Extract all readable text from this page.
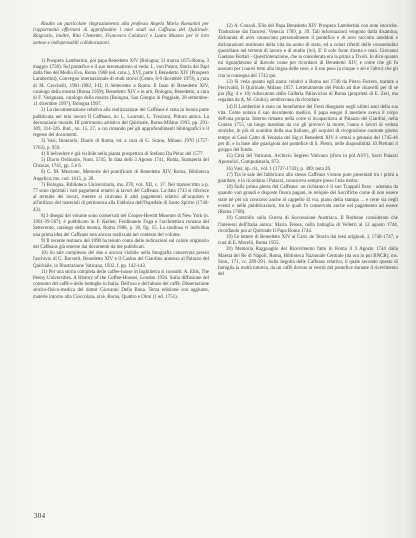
Risulto un particolare ringraziamento alla professa Angela Maria Romanini per l'opportunità offertami di approfondire i miei studi sul Caffeaus del Quirinale. Ringrazio, inoltre, Rita Clemente, Francesco Colalucci e Laura Mazzeo per le loro sottese e indispensabili collaborazioni.

1) Prospero Lambertini, poi papa Benedetto XIV (Bologna, 31 marzo 1675-Roma, 3 maggio 1758). Sul pontefice e il suo mecenatismo si veda: L. von Pastor, Storia dei Papi dalla fine del Medio Evo, Roma 1960 (ed. cons.), XVI, parte I; Benedetto XIV (Prospero Lambertini), Convegno internazionale di studi storici (Cento, 6-9 dicembre 1979), a cura di M. Cecchelli, 1981-1982, I-II; Il Settecento a Roma. Il fasto di Benedetto XIV, catalogo della mostra (Roma 1959); Benedetto XIV e le arti, Bologna, Benedetto, a cura di F. Varignana, catalogo della mostra (Bologna, San Giorgio in Poggiale, 28 settembre-11 dicembre 1997), Bologna 1997.

2) La documentazione relativa alla realizzazione del Caffeaus è stata in buona parte pubblicata nel mio lavoro Il Caffeaus, in: L. Laureati, L. Trezzani, Pittura antica. La decorazione murale, III patrimonio artistico del Quirinale, Roma-Milano 1993, pp. 291-309, 314-326. Ibid., nn. 15, 27, a cui rimando per gli approfondimenti bibliografici e il regesto dei documenti.

3) Vasi, Itinerario, Diario di Roma, ed. a cura di G. Scano, Milano 1970 (1757-1763), p. 959.

4) Il belvedere è già visibile nella pianta prospettica di Stefano Du Pérac del 1577.

5) Diario Ordinario, Num. 5745, In data delli 3 Agosto 1741, Roma, Stamperia del Chracas, 1741, pp. 5 e 6.

6) C. M. Mezzone, Memorie del pontificato di Benedetto XIV, Roma, Biblioteca Angelica, ms. cod. 1615, p. 28.

7) Bologna, Biblioteca Universitaria, ms. 278, vol. XII, c. 17. Nel manoscritto a p. 77 sono riportati i vari pagamenti relativi ai lavori del Caffeaus. La data 1743 si riferisce al termine dei lavori, mentre si ricavano lì altri pagamenti relativi all'acquisto e all'utilizzo dei materiali di pertinenza alla Fabbrica dell'Ospedale di Santo Spirito (1740-43).

8) I disegni del volume sono conservati nel Cooper-Hewitt Museum di New York (n. 1901-39-567); è pubblicato in F. Kerlen, Ferdinando Fuga e l'architettura romana del Settecento, catalogo della mostra, Roma 1988, p. 30, fig. 15. La studiosa vi individua una prima idea del Caffeaus non ancora realizzata nel contesto del volume.

9) Il recente restauro del 1990 ha tenuto conto delle indicazioni sul colore originario del Caffeaus già emerse dai documenti da me pubblicati.

10) Su tale complesso dei due e ancora visibile nella fotografia conservata presso l'archivio di G. Borsotti, Benedetto XIV e il Casino del Giardino annesso al Palazzo del Quirinale, in Illustrazione Vaticana, 1932, f. pp. 142-143.

11) Per una storia completa delle caffee-house in Inghilterra si consulti: A. Ellis, The Penny Universities. A History of the Coffee-Houses, London 1956. Sulla diffusione del consumo del caffè e delle botteghe in Italia: Dell'uso e dell'abuso del caffè. Dissertazione storico-fisico-medica del dottor Giovanni Della Bona. Terza edizione con aggiunte, materie intorno alla Cioccolata, al tè, Roma, Quattro e Olmi (1 ed. 1751).

12) A. Consoli, Elio del Papa Benedetto XIV Prospero Lambertini con note istoriche. Traduzione dai francesi, Venezia 1789, p. 39. Tali informazioni vengono dalla disamina, dichiarata di aver conosciuto personalmente il pontefice e di aver raccolto aneddoti e dichiarazioni testimoni della vita da uomo di stato, ed a colori riferiti delle consuetudini quotidiane nel terreno di lavoro e di studio (ivi). E' il solo fonte diretta e nota. Giovanni Gaetano Bottari - Quest'interazione, che la considerata era la prima a Tivoli. Io dico quanto mi riguardavano al diavolo come per ricordarsi di Benedetto XIV, e come che gli fu assunto per i nuovi temi alla lingua delle cose, e il suo peso (a cinque o sei e l'altro) che gli cita la consegna del 1743 qui.

13) Si veda quanto egli narra: relativi a Roma nel 1740 da Pietro Ferrero, tramite a Percivaldi, Il Quirinale, Milano 1957. Letteralmente del Ponfo ad due chiavelli per di sé pia (fig. 4 e 10) ridiscutono dalla Galleria Pallavicina di Roma (proprietà di E. Zeri, ma regalata da A. M. Giulio), sembravano da ricordare.

14) Il Lambertini è stato un benefattore del Fresi disegnato negli ultimi anni della sua vita. Come notava il suo documento medico, il papa eseguì il mestiere aveva il corpo dell'una propria. Interno rimasto nella corte si incapacitava al Palazzo dei Giardini, nella Contea 1755, un lungo mandato da cui gli provocò la morte, l'anno e lavori di veduta storiche, in più di scambio della sua Italiano, gli acquisti di ricognizione contrate giorno tempo al Gesù Catto di Venezia del Sig.ri Benedetti XIV è ormai a gennaio del 1745-46 per di, e in base alle guarigioni del pontefice di S. Pietro, nelle disponibilità 10 Pietrani il gruppo del fondo.

15) Città del Vaticano, Archivio Segreto Vaticano (d'ora in poi ASV), Sacri Palazzi Apostolici, Computisteria, 872.

16) Vasi, op. cit., vol. 1 (1737-1743), p. 309; nota 26.

17) Tra le sale del fabbricato allo stesso Caffeaus v'erano pure presentati tra i primi a guardare, e lo ricordano i Palazzi, conosceva sempre preso l'aria molto.

18) Sulla prima pietra del Caffeaus: un richiamo è il suo Trappoli fisso - adottata da quando vari grandi e disposte finora pagani, le reliquie dei Sacrifiche come di non essere state né per un concorso anche al cappello di via, piano della stampa ... e certe sia negli eventi e nelle pubblicazioni, tra le quali fu conservata anche nel pagamento ad essere (Roma 1760).

19) Controllo sulla Guerra di Successione Austriaca. Il Borbone considerato che l'interessi dell'Italia antica: Maria Teresa; nella battaglia di Velletri al 12 agosto 1744, ricordando poi al Quirinale Il Papa Roma 1744.

19) Le lettere di Benedetto XIV al Card. de Tencin dai testi originali, I, 1740-1747, a cura di E. Morelli, Roma 1955.

20) Memoria Ragguaglio del Ricevimento fatto in Roma il 3 Agosto 1744 dalla Maestà del Re di Napoli, Roma, Biblioteca Nazionale Centrale (da ora in poi BNCR), ms. Sinn., 171, cc. 289-291. Sulla degnità delle Caffeaus relativo, il quale secondo questo di famiglia la realtà tuttavia, da un caffè dovuto ai vestiti del pontefice durante il ricevimento del

304
